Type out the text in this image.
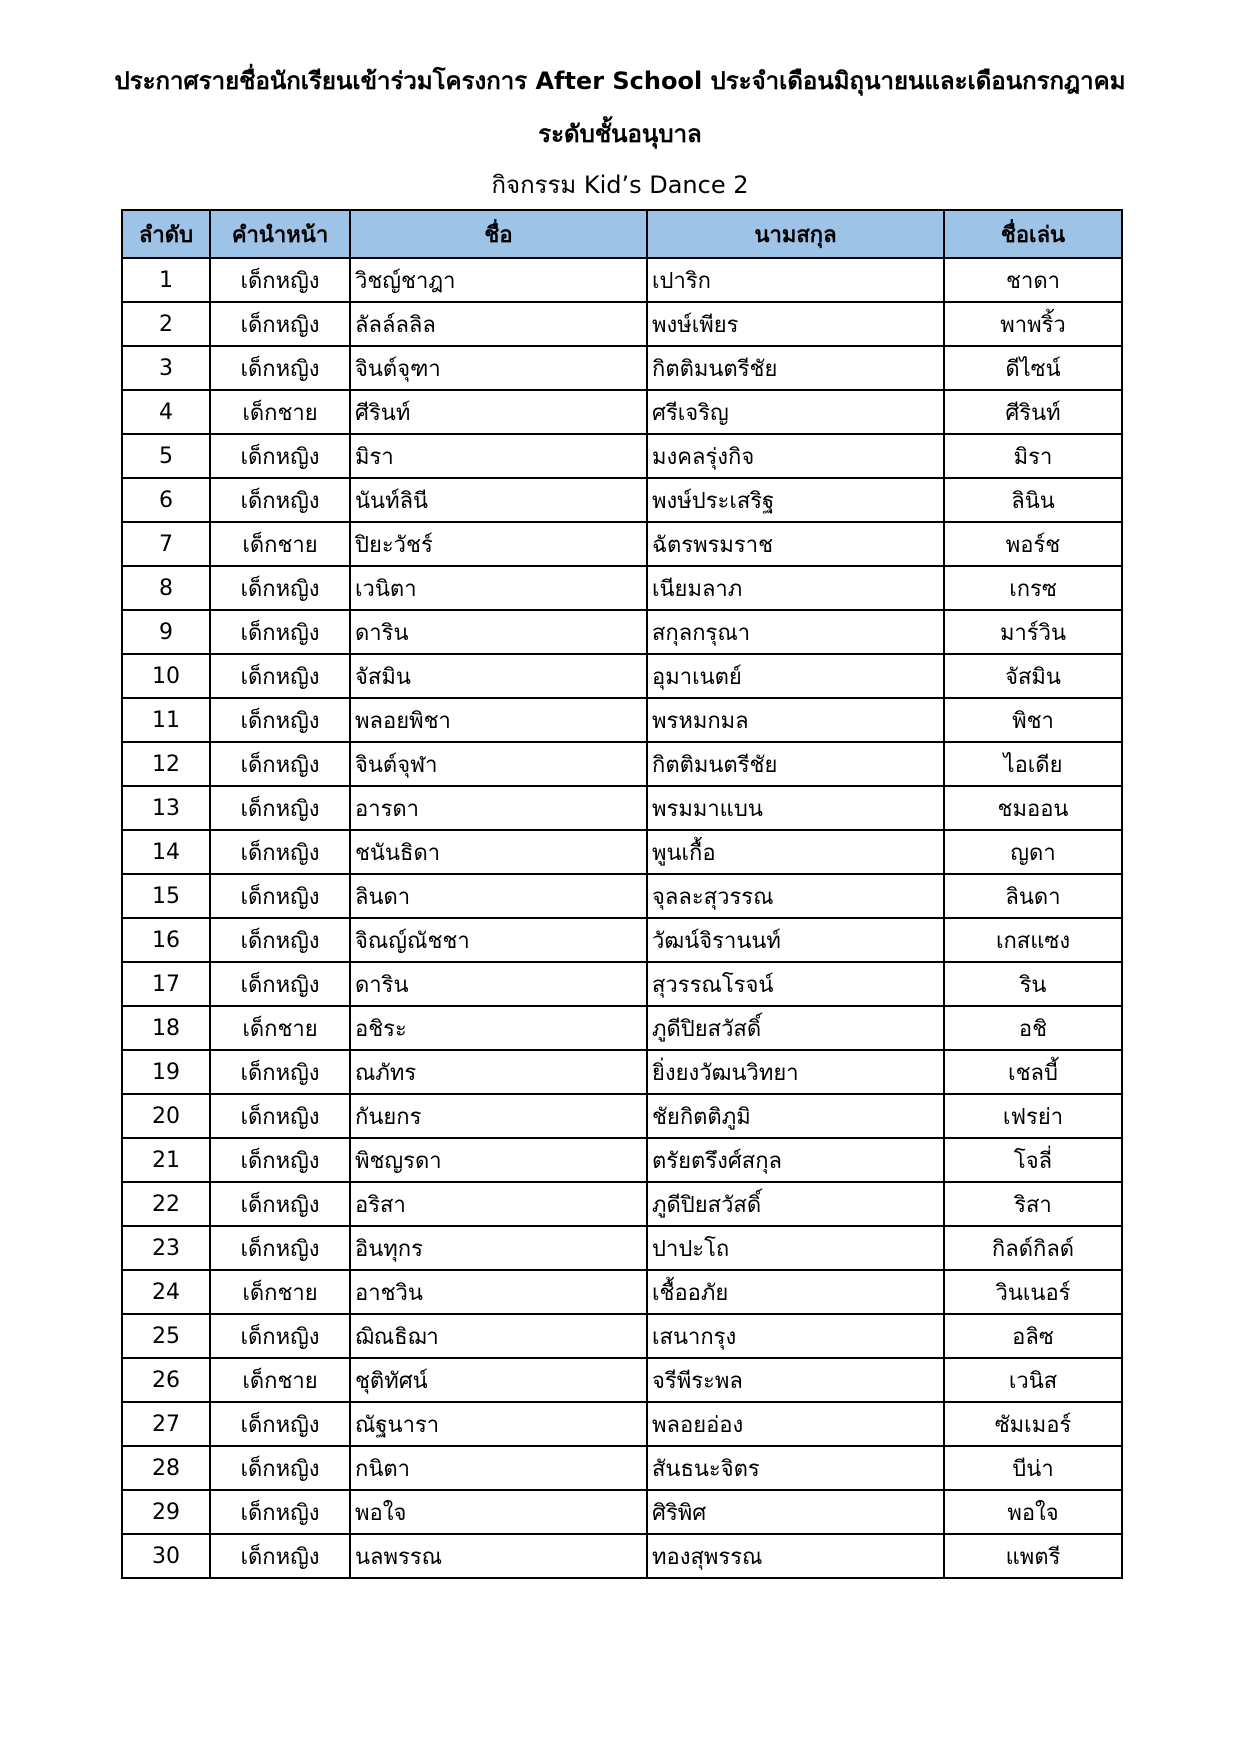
ประกาศรายชื่อนักเรียนเข้าร่วมโครงการ After School ประจำเดือนมิถุนายนและเดือนกรกฎาคม
ระดับชั้นอนุบาล
กิจกรรม Kid’s Dance 2
ลำดับ	คำนำหน้า	ชื่อ	นามสกุล	ชื่อเล่น
1	เด็กหญิง	วิชญ์ชาฎา	เปาริก	ชาดา
2	เด็กหญิง	ลัลล์ลลิล	พงษ์เพียร	พาพริ้ว
3	เด็กหญิง	จินต์จุฑา	กิตติมนตรีชัย	ดีไซน์
4	เด็กชาย	ศีรินท์	ศรีเจริญ	ศีรินท์
5	เด็กหญิง	มิรา	มงคลรุ่งกิจ	มิรา
6	เด็กหญิง	นันท์ลินี	พงษ์ประเสริฐ	ลินิน
7	เด็กชาย	ปิยะวัชร์	ฉัตรพรมราช	พอร์ช
8	เด็กหญิง	เวนิตา	เนียมลาภ	เกรซ
9	เด็กหญิง	ดาริน	สกุลกรุณา	มาร์วิน
10	เด็กหญิง	จัสมิน	อุมาเนตย์	จัสมิน
11	เด็กหญิง	พลอยพิชา	พรหมกมล	พิชา
12	เด็กหญิง	จินต์จุฬา	กิตติมนตรีชัย	ไอเดีย
13	เด็กหญิง	อารดา	พรมมาแบน	ชมออน
14	เด็กหญิง	ชนันธิดา	พูนเกื้อ	ญดา
15	เด็กหญิง	ลินดา	จุลละสุวรรณ	ลินดา
16	เด็กหญิง	จิณญ์ณัชชา	วัฒน์จิรานนท์	เกสแซง
17	เด็กหญิง	ดาริน	สุวรรณโรจน์	ริน
18	เด็กชาย	อชิระ	ภูดีปิยสวัสดิ์	อชิ
19	เด็กหญิง	ณภัทร	ยิ่งยงวัฒนวิทยา	เชลบี้
20	เด็กหญิง	กันยกร	ชัยกิตติภูมิ	เฟรย่า
21	เด็กหญิง	พิชญรดา	ตรัยตรึงศ์สกุล	โจลี่
22	เด็กหญิง	อริสา	ภูดีปิยสวัสดิ์	ริสา
23	เด็กหญิง	อินทุกร	ปาปะโถ	กิลด์กิลด์
24	เด็กชาย	อาชวิน	เชื้ออภัย	วินเนอร์
25	เด็กหญิง	ฌิณธิฌา	เสนากรุง	อลิซ
26	เด็กชาย	ชุติทัศน์	จรีพีระพล	เวนิส
27	เด็กหญิง	ณัฐนารา	พลอยอ่อง	ซัมเมอร์
28	เด็กหญิง	กนิตา	สันธนะจิตร	บีน่า
29	เด็กหญิง	พอใจ	ศิริพิศ	พอใจ
30	เด็กหญิง	นลพรรณ	ทองสุพรรณ	แพตรี
